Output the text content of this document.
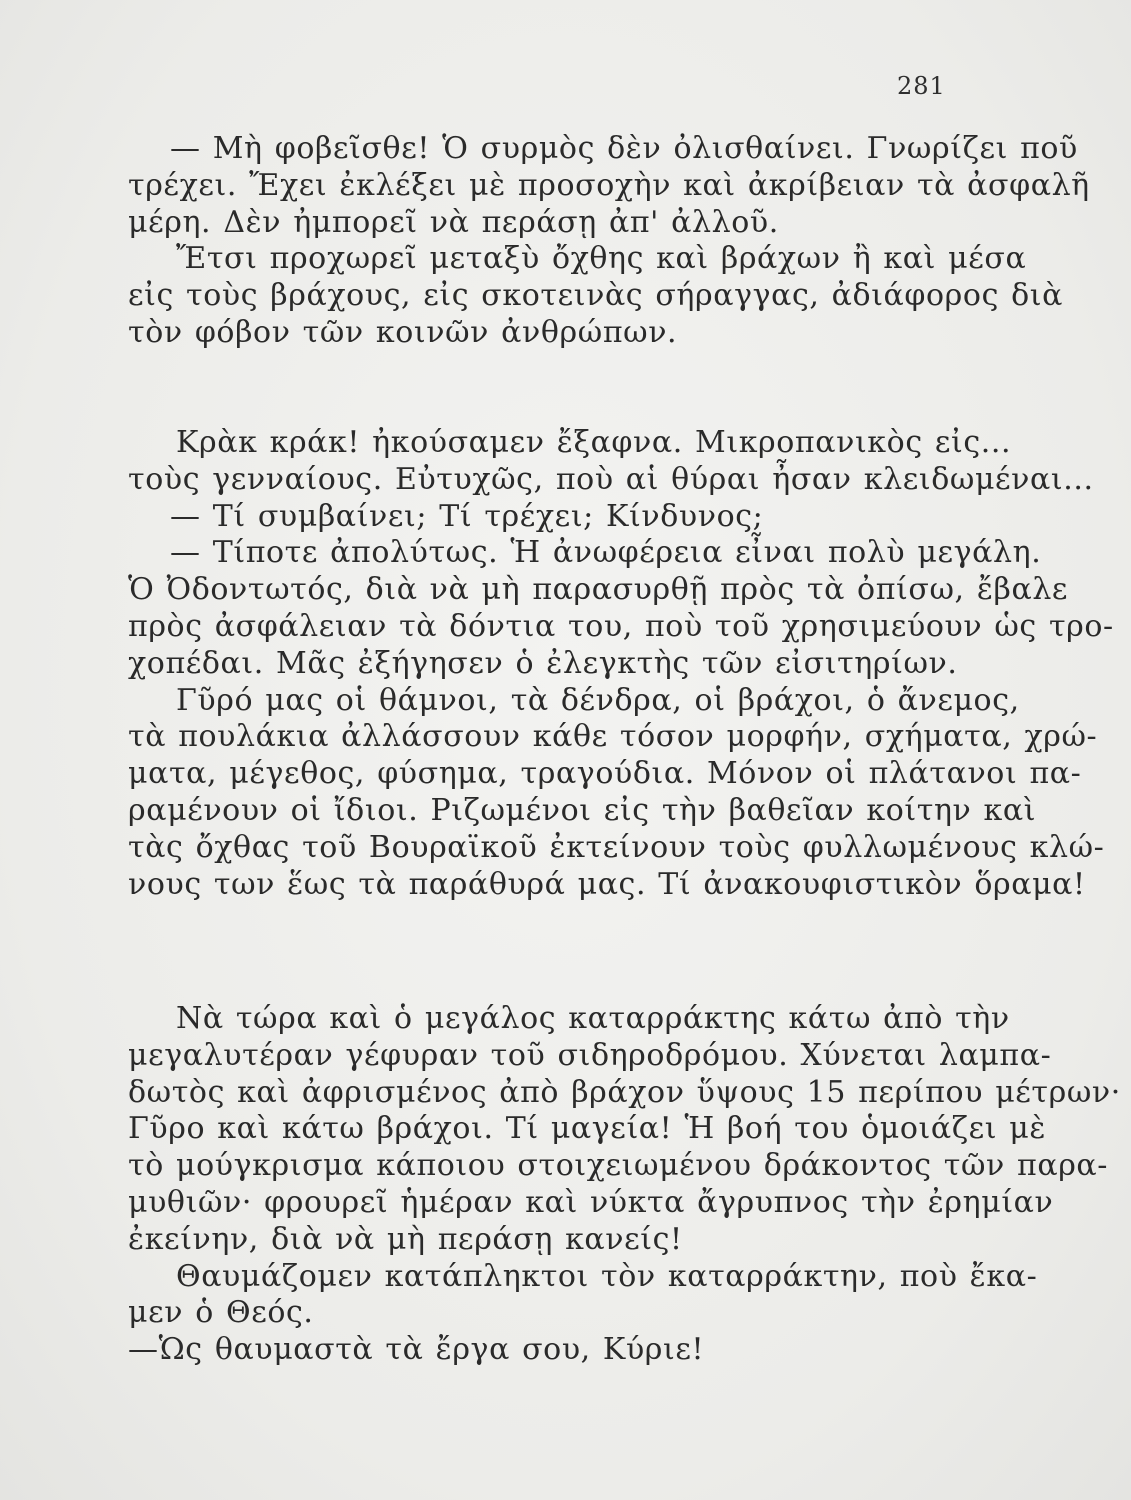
281
— Μὴ φοβεῖσθε! Ὁ συρμὸς δὲν ὀλισθαίνει. Γνωρίζει ποῦ
τρέχει. Ἔχει ἐκλέξει μὲ προσοχὴν καὶ ἀκρίβειαν τὰ ἀσφαλῆ
μέρη. Δὲν ἠμπορεῖ νὰ περάσῃ ἀπ' ἀλλοῦ.
Ἔτσι προχωρεῖ μεταξὺ ὄχθης καὶ βράχων ἢ καὶ μέσα
εἰς τοὺς βράχους, εἰς σκοτεινὰς σήραγγας, ἀδιάφορος διὰ
τὸν φόβον τῶν κοινῶν ἀνθρώπων.
Κρὰκ κράκ! ἠκούσαμεν ἔξαφνα. Μικροπανικὸς εἰς...
τοὺς γενναίους. Εὐτυχῶς, ποὺ αἱ θύραι ἦσαν κλειδωμέναι...
— Τί συμβαίνει; Τί τρέχει; Κίνδυνος;
— Τίποτε ἀπολύτως. Ἡ ἀνωφέρεια εἶναι πολὺ μεγάλη.
Ὁ Ὀδοντωτός, διὰ νὰ μὴ παρασυρθῇ πρὸς τὰ ὀπίσω, ἔβαλε
πρὸς ἀσφάλειαν τὰ δόντια του, ποὺ τοῦ χρησιμεύουν ὡς τρο-
χοπέδαι. Μᾶς ἐξήγησεν ὁ ἐλεγκτὴς τῶν εἰσιτηρίων.
Γῦρό μας οἱ θάμνοι, τὰ δένδρα, οἱ βράχοι, ὁ ἄνεμος,
τὰ πουλάκια ἀλλάσσουν κάθε τόσον μορφήν, σχήματα, χρώ-
ματα, μέγεθος, φύσημα, τραγούδια. Μόνον οἱ πλάτανοι πα-
ραμένουν οἱ ἴδιοι. Ριζωμένοι εἰς τὴν βαθεῖαν κοίτην καὶ
τὰς ὄχθας τοῦ Βουραϊκοῦ ἐκτείνουν τοὺς φυλλωμένους κλώ-
νους των ἕως τὰ παράθυρά μας. Τί ἀνακουφιστικὸν ὅραμα!
Νὰ τώρα καὶ ὁ μεγάλος καταρράκτης κάτω ἀπὸ τὴν
μεγαλυτέραν γέφυραν τοῦ σιδηροδρόμου. Χύνεται λαμπα-
δωτὸς καὶ ἀφρισμένος ἀπὸ βράχον ὕψους 15 περίπου μέτρων·
Γῦρο καὶ κάτω βράχοι. Τί μαγεία! Ἡ βοή του ὁμοιάζει μὲ
τὸ μούγκρισμα κάποιου στοιχειωμένου δράκοντος τῶν παρα-
μυθιῶν· φρουρεῖ ἡμέραν καὶ νύκτα ἄγρυπνος τὴν ἐρημίαν
ἐκείνην, διὰ νὰ μὴ περάσῃ κανείς!
Θαυμάζομεν κατάπληκτοι τὸν καταρράκτην, ποὺ ἔκα-
μεν ὁ Θεός.
—Ὡς θαυμαστὰ τὰ ἔργα σου, Κύριε!
